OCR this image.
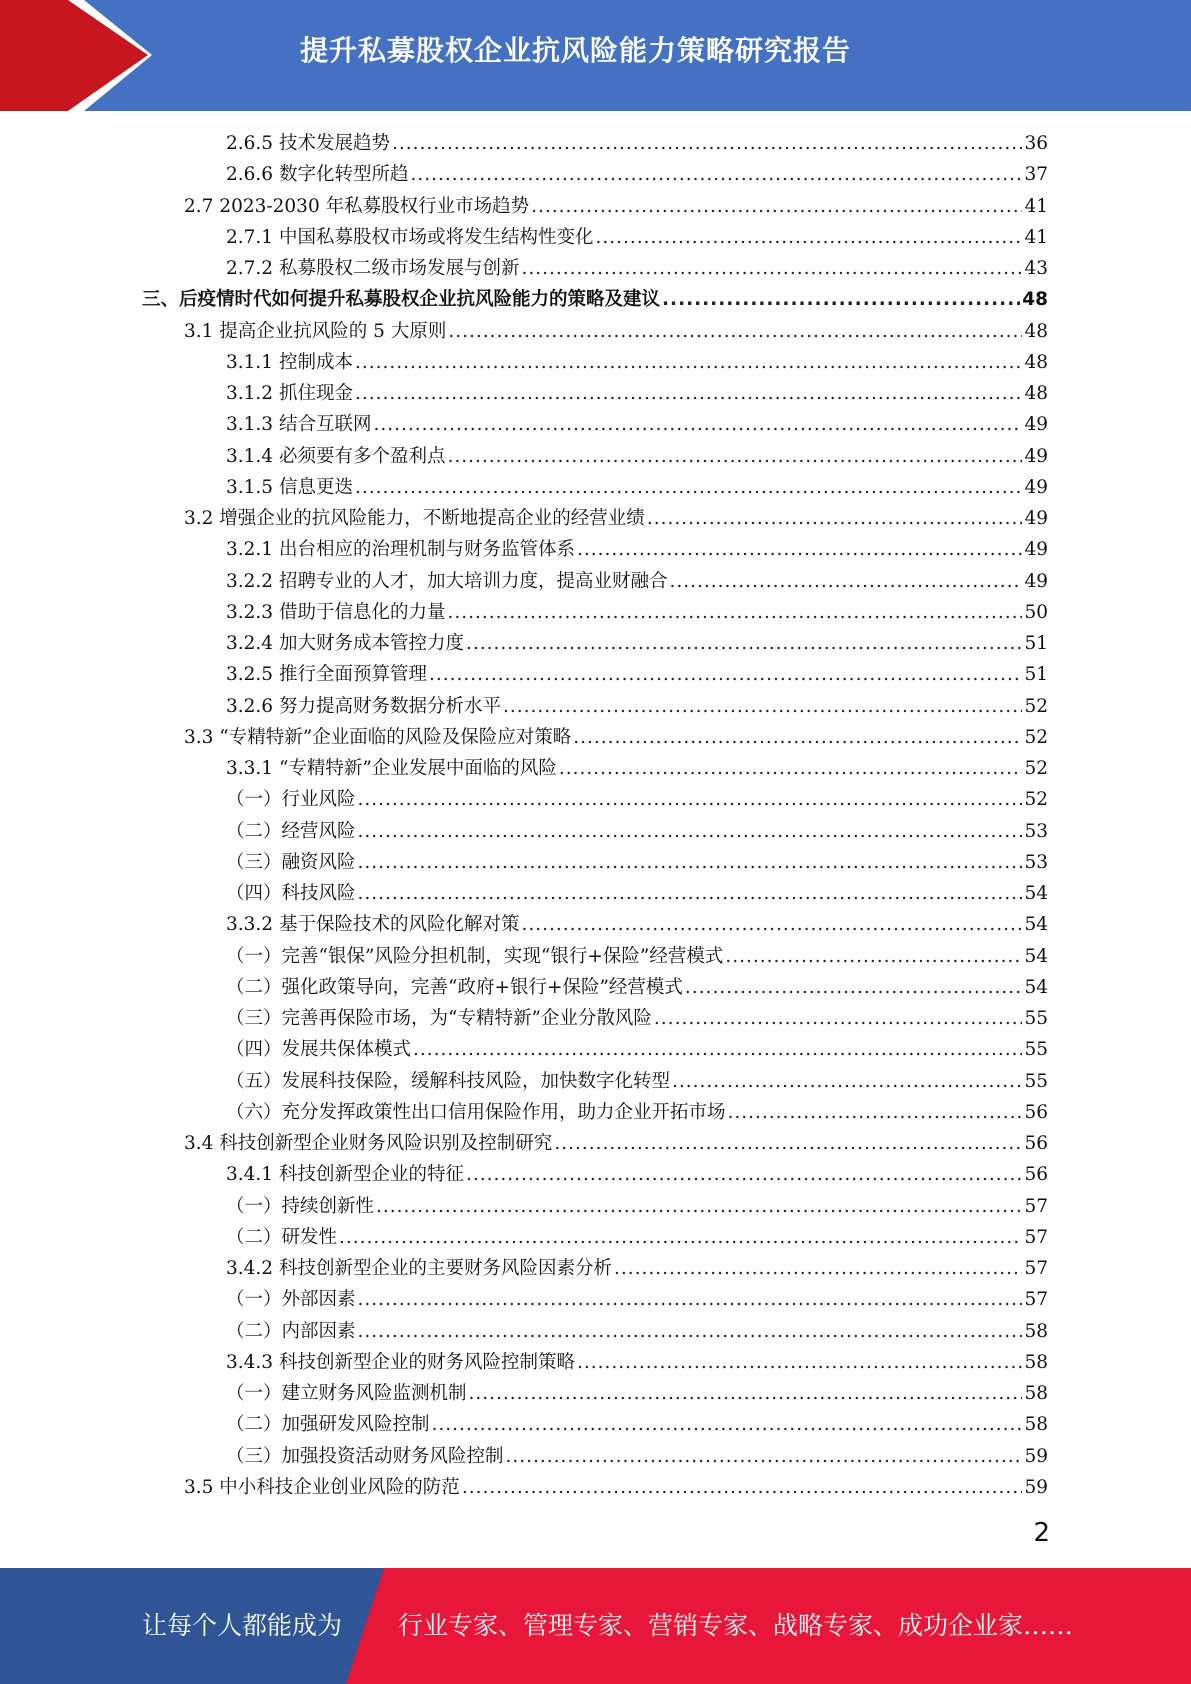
提升私募股权企业抗风险能力策略研究报告
2.6.5 技术发展趋势 .....	36
2.6.6 数字化转型所趋 .....	37
2.7 2023-2030 年私募股权行业市场趋势 .....	41
2.7.1 中国私募股权市场或将发生结构性变化 .....	41
2.7.2 私募股权二级市场发展与创新 .....	43
三、后疫情时代如何提升私募股权企业抗风险能力的策略及建议 .....	48
3.1 提高企业抗风险的 5 大原则 .....	48
3.1.1 控制成本 .....	48
3.1.2 抓住现金 .....	48
3.1.3 结合互联网 .....	49
3.1.4 必须要有多个盈利点 .....	49
3.1.5 信息更迭 .....	49
3.2 增强企业的抗风险能力，不断地提高企业的经营业绩 .....	49
3.2.1 出台相应的治理机制与财务监管体系 .....	49
3.2.2 招聘专业的人才，加大培训力度，提高业财融合 .....	49
3.2.3 借助于信息化的力量 .....	50
3.2.4 加大财务成本管控力度 .....	51
3.2.5 推行全面预算管理 .....	51
3.2.6 努力提高财务数据分析水平 .....	52
3.3 “专精特新”企业面临的风险及保险应对策略 .....	52
3.3.1 “专精特新”企业发展中面临的风险 .....	52
（一）行业风险 .....	52
（二）经营风险 .....	53
（三）融资风险 .....	53
（四）科技风险 .....	54
3.3.2 基于保险技术的风险化解对策 .....	54
（一）完善“银保”风险分担机制，实现“银行+保险”经营模式 .....	54
（二）强化政策导向，完善“政府+银行+保险”经营模式 .....	54
（三）完善再保险市场，为“专精特新”企业分散风险 .....	55
（四）发展共保体模式 .....	55
（五）发展科技保险，缓解科技风险，加快数字化转型 .....	55
（六）充分发挥政策性出口信用保险作用，助力企业开拓市场 .....	56
3.4 科技创新型企业财务风险识别及控制研究 .....	56
3.4.1 科技创新型企业的特征 .....	56
（一）持续创新性 .....	57
（二）研发性 .....	57
3.4.2 科技创新型企业的主要财务风险因素分析 .....	57
（一）外部因素 .....	57
（二）内部因素 .....	58
3.4.3 科技创新型企业的财务风险控制策略 .....	58
（一）建立财务风险监测机制 .....	58
（二）加强研发风险控制 .....	58
（三）加强投资活动财务风险控制 .....	59
3.5 中小科技企业创业风险的防范 .....	59
2
让每个人都能成为 行业专家、管理专家、营销专家、战略专家、成功企业家……
